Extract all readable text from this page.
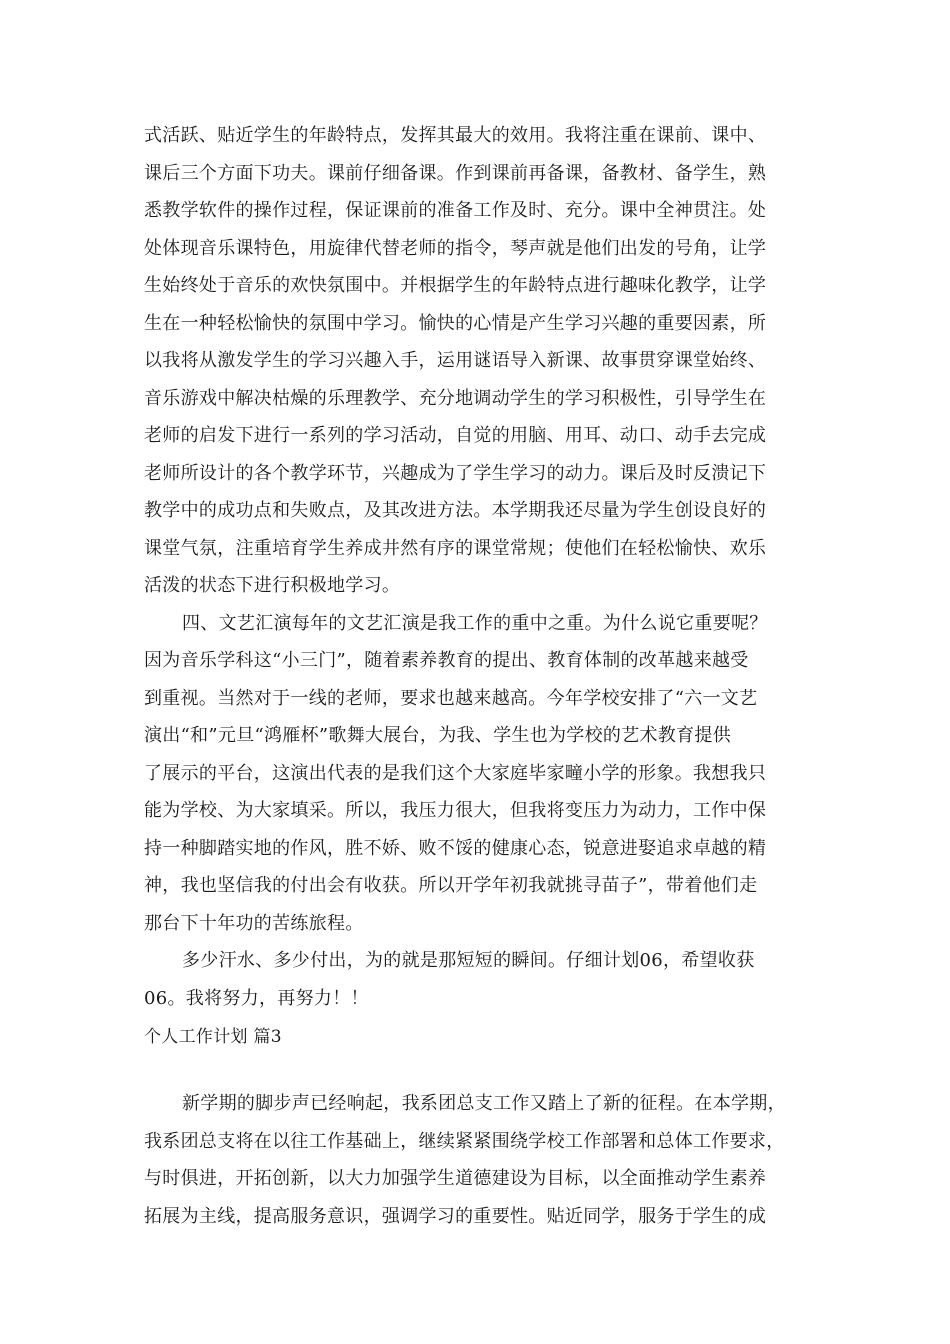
式活跃、贴近学生的年龄特点，发挥其最大的效用。我将注重在课前、课中、
课后三个方面下功夫。课前仔细备课。作到课前再备课，备教材、备学生，熟
悉教学软件的操作过程，保证课前的准备工作及时、充分。课中全神贯注。处
处体现音乐课特色，用旋律代替老师的指令，琴声就是他们出发的号角，让学
生始终处于音乐的欢快氛围中。并根据学生的年龄特点进行趣味化教学，让学
生在一种轻松愉快的氛围中学习。愉快的心情是产生学习兴趣的重要因素，所
以我将从激发学生的学习兴趣入手，运用谜语导入新课、故事贯穿课堂始终、
音乐游戏中解决枯燥的乐理教学、充分地调动学生的学习积极性，引导学生在
老师的启发下进行一系列的学习活动，自觉的用脑、用耳、动口、动手去完成
老师所设计的各个教学环节，兴趣成为了学生学习的动力。课后及时反溃记下
教学中的成功点和失败点，及其改进方法。本学期我还尽量为学生创设良好的
课堂气氛，注重培育学生养成井然有序的课堂常规；使他们在轻松愉快、欢乐
活泼的状态下进行积极地学习。
四、文艺汇演每年的文艺汇演是我工作的重中之重。为什么说它重要呢？
因为音乐学科这“小三门”，随着素养教育的提出、教育体制的改革越来越受
到重视。当然对于一线的老师，要求也越来越高。今年学校安排了“六一文艺
演出“和”元旦“鸿雁杯”歌舞大展台，为我、学生也为学校的艺术教育提供
了展示的平台，这演出代表的是我们这个大家庭毕家疃小学的形象。我想我只
能为学校、为大家填采。所以，我压力很大，但我将变压力为动力，工作中保
持一种脚踏实地的作风，胜不娇、败不馁的健康心态，锐意进娶追求卓越的精
神，我也坚信我的付出会有收获。所以开学年初我就挑寻苗子”，带着他们走
那台下十年功的苦练旅程。
多少汗水、多少付出，为的就是那短短的瞬间。仔细计划06，希望收获
06。我将努力，再努力！！
个人工作计划 篇3
新学期的脚步声已经响起，我系团总支工作又踏上了新的征程。在本学期，
我系团总支将在以往工作基础上，继续紧紧围绕学校工作部署和总体工作要求，
与时俱进，开拓创新，以大力加强学生道德建设为目标，以全面推动学生素养
拓展为主线，提高服务意识，强调学习的重要性。贴近同学，服务于学生的成
